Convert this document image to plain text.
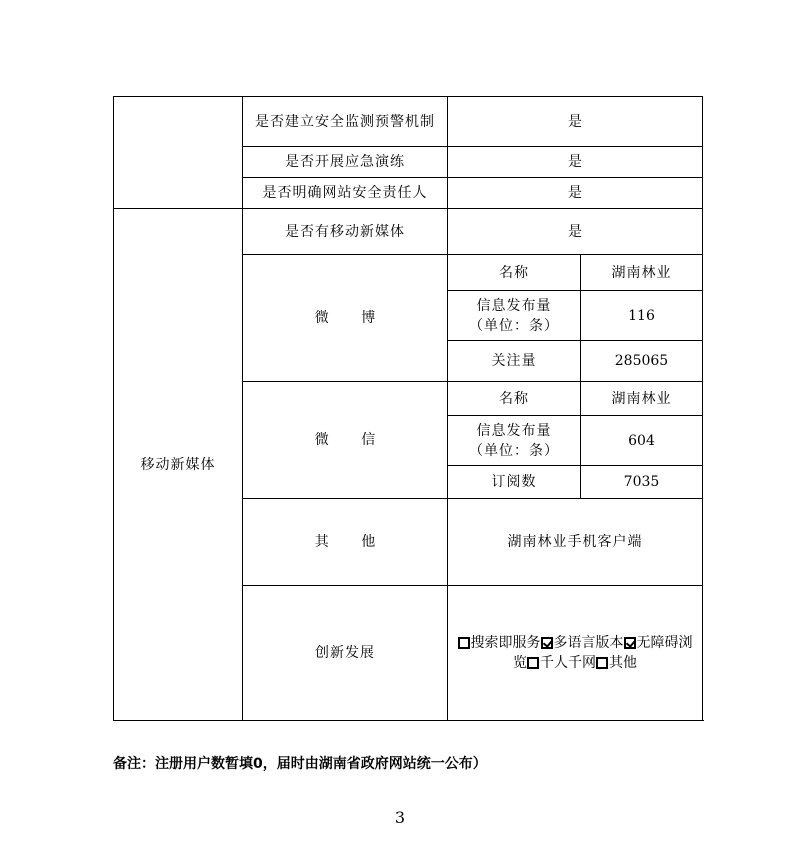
	是否建立安全监测预警机制	是	
	是否开展应急演练	是	
	是否明确网站安全责任人	是	
移动新媒体	是否有移动新媒体	是	
	微 博	名称	湖南林业

		信息发布量
（单位：条）	116
		关注量	285065
	微 信	名称	湖南林业

		信息发布量
（单位：条）	604
		订阅数	7035
	其 他	湖南林业手机客户端	
	创新发展	搜索即服务 多语言版本 无障碍浏览 千人千网 其他	
备注：注册用户数暂填0，届时由湖南省政府网站统一公布）
3
